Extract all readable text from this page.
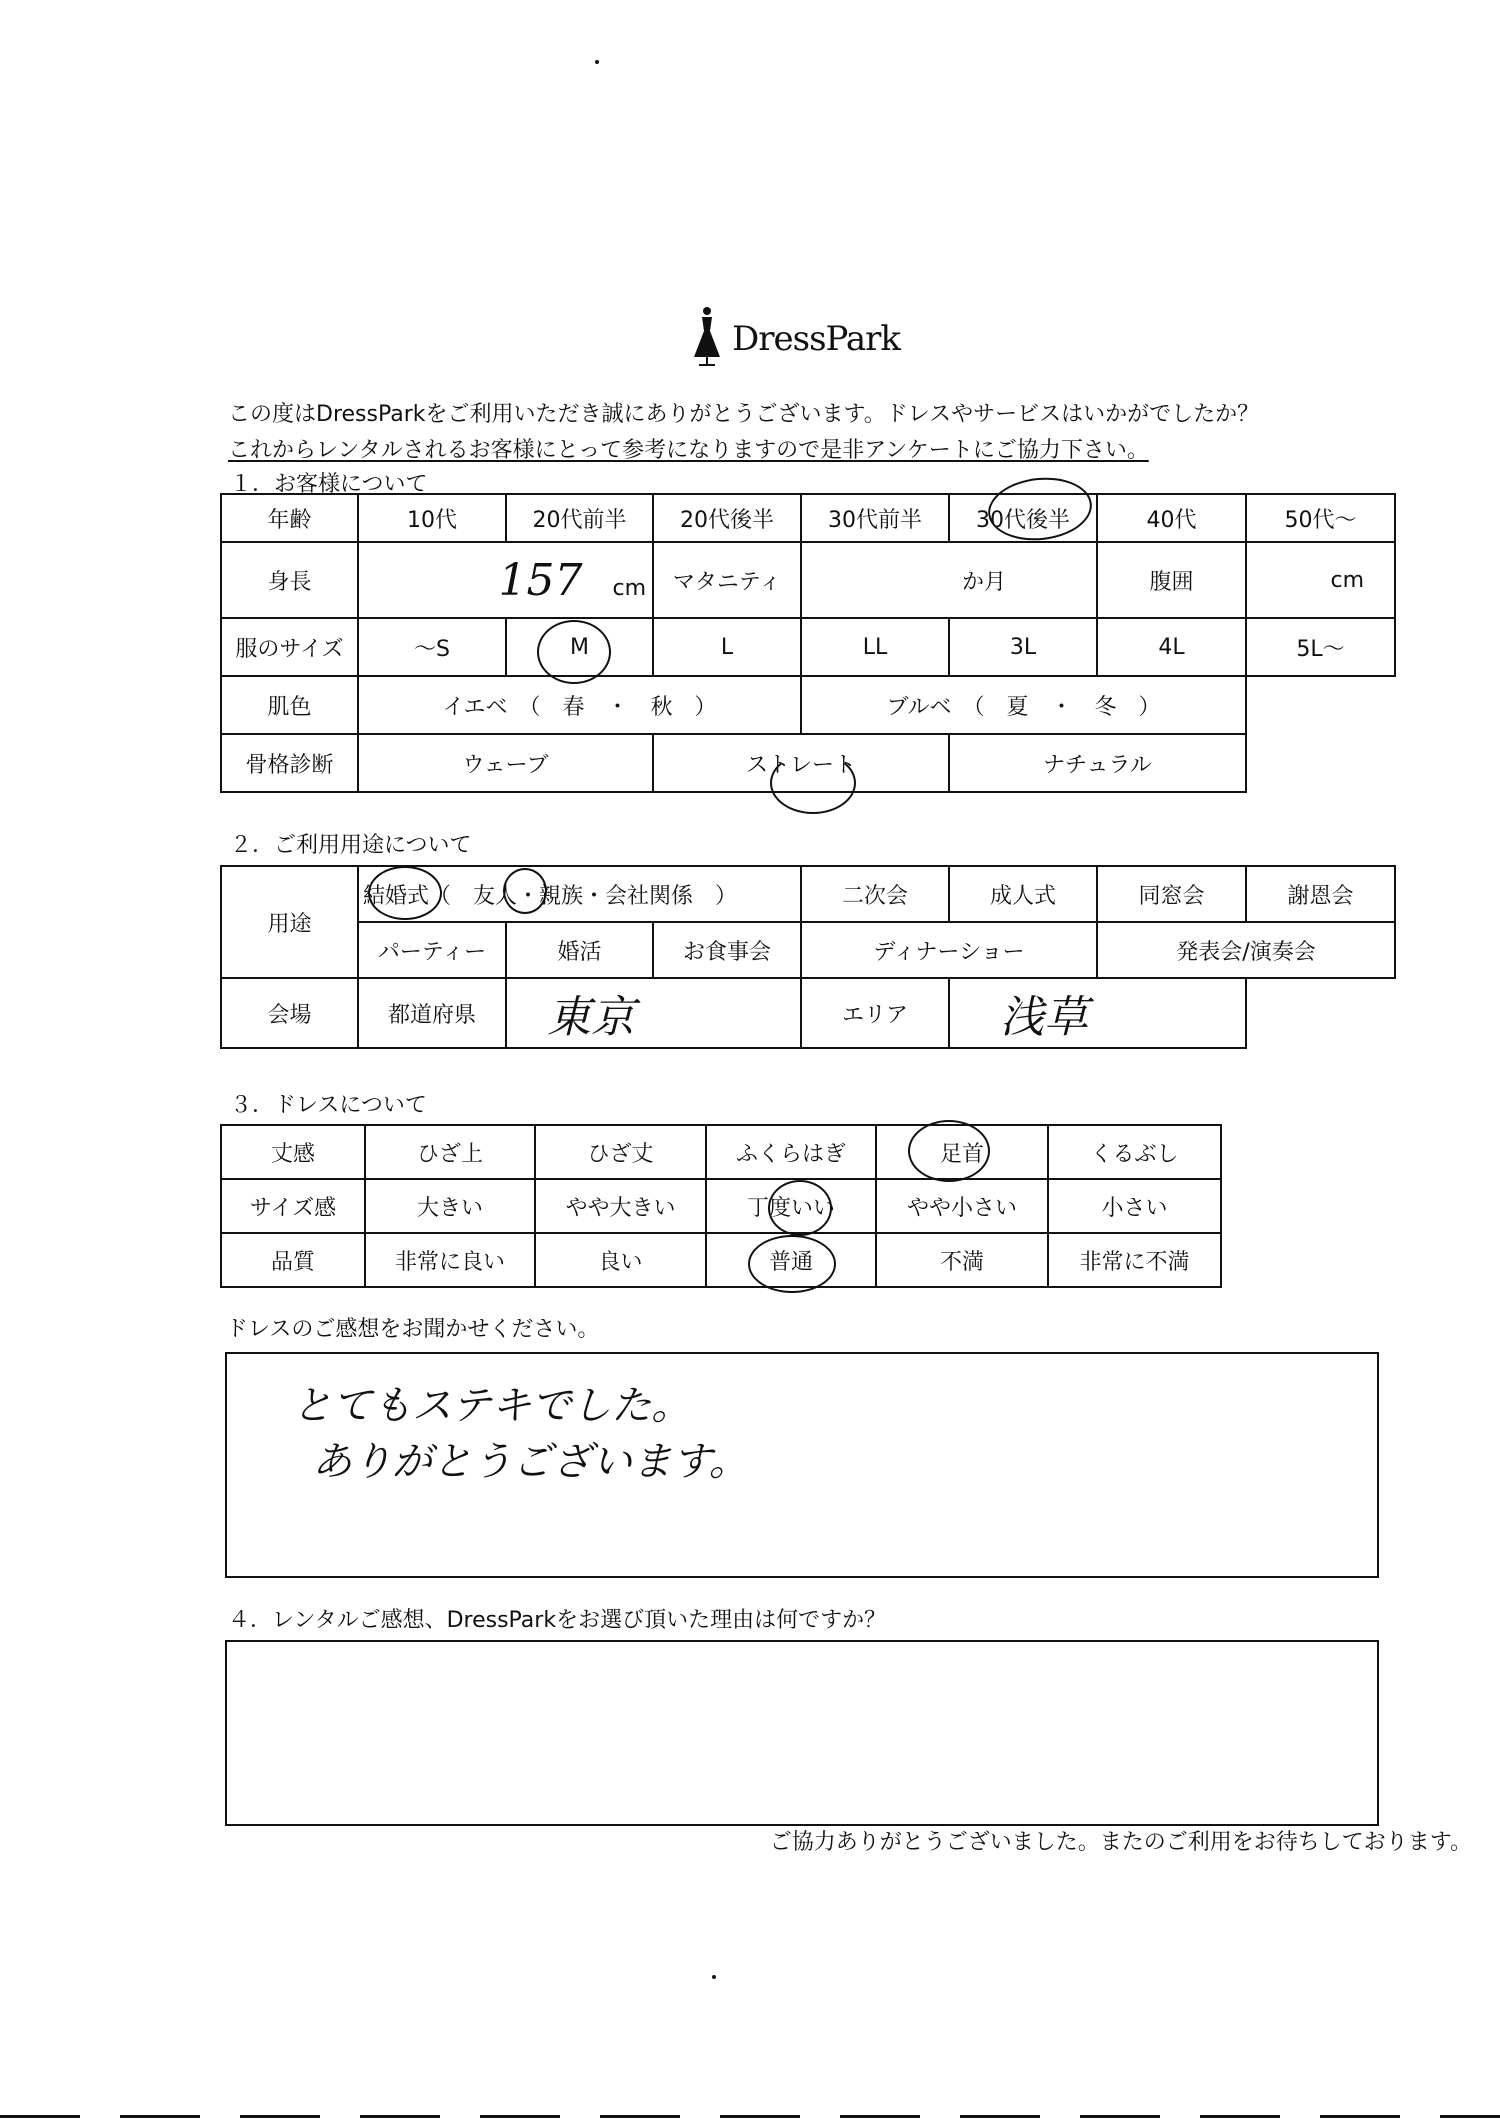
DressPark
この度はDressParkをご利用いただき誠にありがとうございます。ドレスやサービスはいかがでしたか？
これからレンタルされるお客様にとって参考になりますので是非アンケートにご協力下さい。
１．お客様について
年齢	10代	20代前半	20代後半	30代前半	30代後半	40代	50代～
身長	157 cm		マタニティ	か月		腹囲	cm
服のサイズ	～S	M	L	LL	3L	4L	5L～
肌色	イエベ　（　春　・　秋　）			ブルベ　（　夏　・　冬　）			
骨格診断	ウェーブ		ストレート		ナチュラル		
２．ご利用用途について
用途	結婚式（　友人・親族・会社関係　）			二次会	成人式	同窓会	謝恩会
	パーティー	婚活	お食事会	ディナーショー		発表会/演奏会	
会場	都道府県	東京		エリア	浅草		
３．ドレスについて
丈感	ひざ上	ひざ丈	ふくらはぎ	足首	くるぶし
サイズ感	大きい	やや大きい	丁度いい	やや小さい	小さい
品質	非常に良い	良い	普通	不満	非常に不満
ドレスのご感想をお聞かせください。
とてもステキでした。
ありがとうございます。
４．レンタルご感想、DressParkをお選び頂いた理由は何ですか？
ご協力ありがとうございました。またのご利用をお待ちしております。
